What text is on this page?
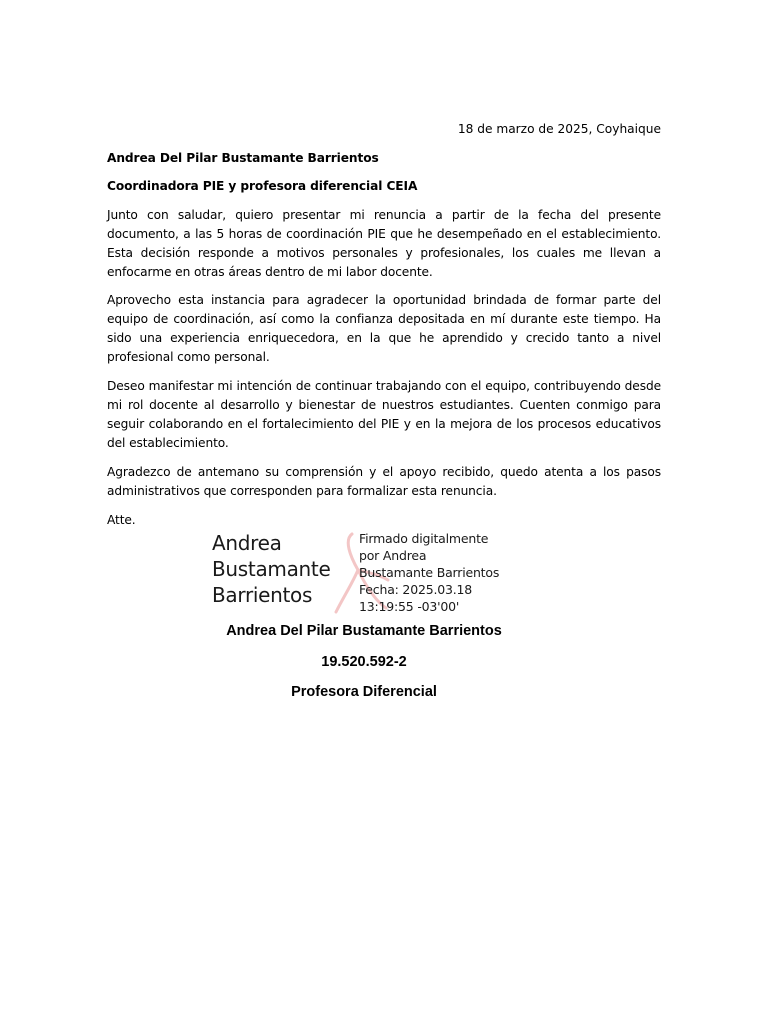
18 de marzo de 2025, Coyhaique
Andrea Del Pilar Bustamante Barrientos
Coordinadora PIE y profesora diferencial CEIA
Junto con saludar, quiero presentar mi renuncia a partir de la fecha del presente documento, a las 5 horas de coordinación PIE que he desempeñado en el establecimiento. Esta decisión responde a motivos personales y profesionales, los cuales me llevan a enfocarme en otras áreas dentro de mi labor docente.
Aprovecho esta instancia para agradecer la oportunidad brindada de formar parte del equipo de coordinación, así como la confianza depositada en mí durante este tiempo. Ha sido una experiencia enriquecedora, en la que he aprendido y crecido tanto a nivel profesional como personal.
Deseo manifestar mi intención de continuar trabajando con el equipo, contribuyendo desde mi rol docente al desarrollo y bienestar de nuestros estudiantes. Cuenten conmigo para seguir colaborando en el fortalecimiento del PIE y en la mejora de los procesos educativos del establecimiento.
Agradezco de antemano su comprensión y el apoyo recibido, quedo atenta a los pasos administrativos que corresponden para formalizar esta renuncia.
Atte.
Andrea
Bustamante
Barrientos
Firmado digitalmente
por Andrea
Bustamante Barrientos
Fecha: 2025.03.18
13:19:55 -03'00'
Andrea Del Pilar Bustamante Barrientos
19.520.592-2
Profesora Diferencial
